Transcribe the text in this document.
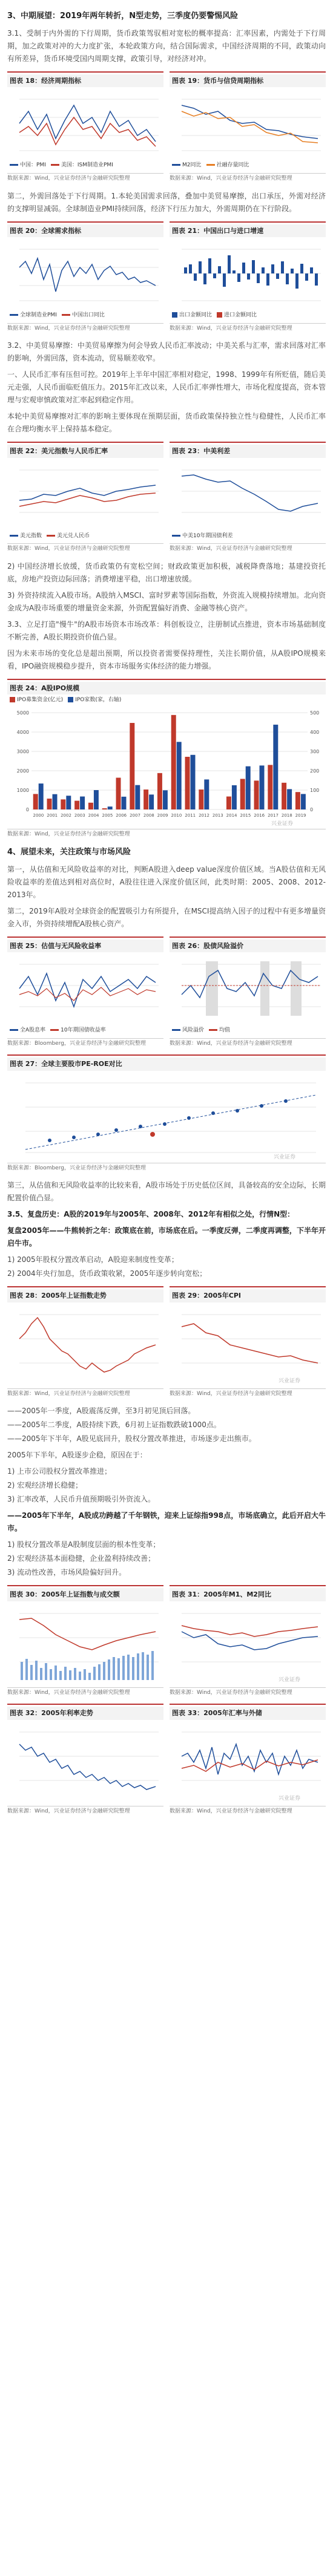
3、中期展望：2019年两年转折，N型走势，三季度仍要警惕风险
3.1、受制于内外需的下行周期，货币政策驾驭相对宽松的概率提高：汇率因素，内需处于下行周期，加之政策对冲的大力度扩张，本轮政策方向，结合国际需求，中国经济周期的不同，政策动向有所差异，货币环境受国内周期支撑，政策引导，对经济对冲。
图表 18：经济周期指标
中国：PMI	美国：ISM制造业PMI
数据来源：Wind，兴业证券经济与金融研究院整理
图表 19：货币与信贷周期指标
M2同比	社融存量同比
数据来源：Wind，兴业证券经济与金融研究院整理
第二，外需回落处于下行周期。1.本轮美国需求回落，叠加中美贸易摩擦，出口承压，外需对经济的支撑明显减弱。全球制造业PMI持续回落，经济下行压力加大，外需周期仍在下行阶段。
图表 20：全球需求指标
全球制造业PMI	中国出口同比
数据来源：Wind，兴业证券经济与金融研究院整理
图表 21：中国出口与进口增速
出口金额同比	进口金额同比
数据来源：Wind，兴业证券经济与金融研究院整理
3.2、中美贸易摩擦：中美贸易摩擦为何会导致人民币汇率波动；中美关系与汇率，需求回落对汇率的影响，外需回落，资本流动，贸易顺差收窄。
一、人民币汇率有压但可控。2019年上半年中国汇率相对稳定，1998、1999年有所贬值，随后美元走强，人民币面临贬值压力。2015年汇改以来，人民币汇率弹性增大，市场化程度提高，资本管理与宏观审慎政策对汇率起到稳定作用。
本轮中美贸易摩擦对汇率的影响主要体现在预期层面，货币政策保持独立性与稳健性，人民币汇率在合理均衡水平上保持基本稳定。
图表 22：美元指数与人民币汇率
美元指数	美元兑人民币
数据来源：Wind，兴业证券经济与金融研究院整理
图表 23：中美利差
中美10年期国债利差
数据来源：Wind，兴业证券经济与金融研究院整理
2) 中国经济增长放缓，货币政策仍有宽松空间；财政政策更加积极，减税降费落地；基建投资托底，房地产投资边际回落；消费增速平稳，出口增速放缓。
3) 外资持续流入A股市场。A股纳入MSCI、富时罗素等国际指数，外资流入规模持续增加。北向资金成为A股市场重要的增量资金来源，外资配置偏好消费、金融等核心资产。
3.3、立足打造"慢牛"的A股市场资本市场改革：科创板设立，注册制试点推进，资本市场基础制度不断完善，A股长期投资价值凸显。
因为未来市场的变化总是超出预期，所以投资者需要保持理性，关注长期价值，从A股IPO规模来看，IPO融资规模稳步提升，资本市场服务实体经济的能力增强。
图表 24：A股IPO规模
IPO募集资金(亿元)	IPO家数(家，右轴)
0	0
1000	100
2000	200
3000	300
4000	400
5000	500
2000 2001 2002 2003 2004 2005 2006 2007 2008 2009 2010 2011 2012 2013 2014 2015 2016 2017 2018 2019
兴业证券
数据来源：Wind，兴业证券经济与金融研究院整理
4、展望未来，关注政策与市场风险
第一，从估值和无风险收益率的对比，判断A股进入deep value深度价值区域。当A股估值和无风险收益率的差值达到相对高位时，A股往往进入深度价值区间，此类时期：2005、2008、2012-2013年。
第二，2019年A股对全球资金的配置吸引力有所提升，在MSCI提高纳入因子的过程中有更多增量资金入市，外资持续增配A股核心资产。
图表 25：估值与无风险收益率
全A股息率	10年期国债收益率
数据来源：Bloomberg，兴业证券经济与金融研究院整理
图表 26：股债风险溢价
风险溢价	均值
数据来源：Wind，兴业证券经济与金融研究院整理
图表 27：全球主要股市PE-ROE对比
兴业证券
数据来源：Bloomberg，兴业证券经济与金融研究院整理
第三，从估值和无风险收益率的比较来看，A股市场处于历史低位区间，具备较高的安全边际，长期配置价值凸显。
3.5、复盘历史：A股的2019年与2005年、2008年、2012年有相似之处，行情N型：
复盘2005年——牛熊转折之年：政策底在前，市场底在后。一季度反弹，二季度再调整，下半年开启牛市。
1) 2005年股权分置改革启动，A股迎来制度性变革；
2) 2004年央行加息，货币政策收紧，2005年逐步转向宽松；
图表 28：2005年上证指数走势
数据来源：Wind，兴业证券经济与金融研究院整理
图表 29：2005年CPI
兴业证券
数据来源：Wind，兴业证券经济与金融研究院整理
——2005年一季度，A股震荡反弹，至3月初见顶后回落。
——2005年二季度，A股持续下跌，6月初上证指数跌破1000点。
——2005年下半年，A股见底回升，股权分置改革推进，市场逐步走出熊市。
2005年下半年，A股逐步企稳，原因在于：
1) 上市公司股权分置改革推进；
2) 宏观经济增长稳健；
3) 汇率改革，人民币升值预期吸引外资流入。
——2005年下半年，A股成功跨越了千年钢铁，迎来上证综指998点，市场底确立，此后开启大牛市。
1) 股权分置改革是A股制度层面的根本性变革；
2) 宏观经济基本面稳健，企业盈利持续改善；
3) 流动性改善，市场风险偏好回升。
图表 30：2005年上证指数与成交额
数据来源：Wind，兴业证券经济与金融研究院整理
图表 31：2005年M1、M2同比
兴业证券
数据来源：Wind，兴业证券经济与金融研究院整理
图表 32：2005年利率走势
数据来源：Wind，兴业证券经济与金融研究院整理
图表 33：2005年汇率与外储
兴业证券
数据来源：Wind，兴业证券经济与金融研究院整理
